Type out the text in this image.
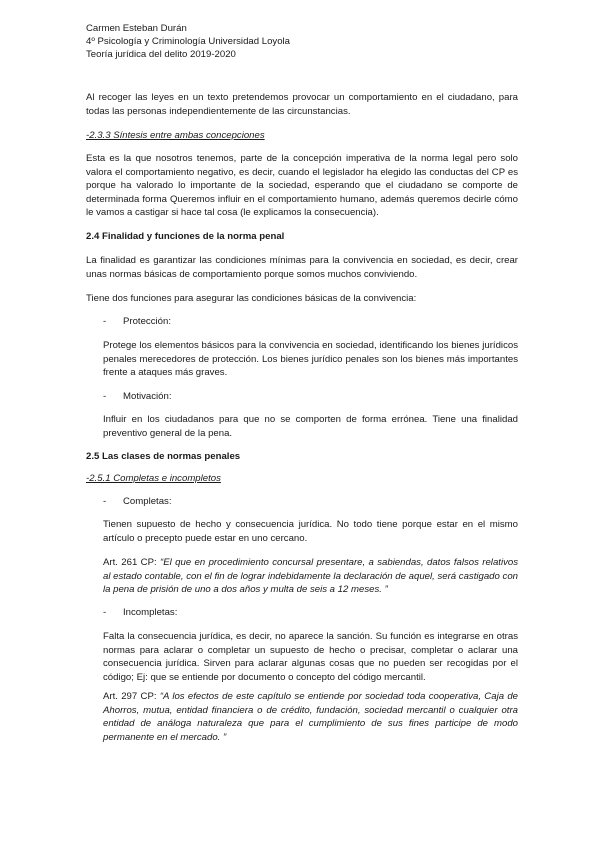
Carmen Esteban Durán
4º Psicología y Criminología Universidad Loyola
Teoría jurídica del delito 2019-2020

Al recoger las leyes en un texto pretendemos provocar un comportamiento en el ciudadano, para todas las personas independientemente de las circunstancias.

-2.3.3 Síntesis entre ambas concepciones

Esta es la que nosotros tenemos, parte de la concepción imperativa de la norma legal pero solo valora el comportamiento negativo, es decir, cuando el legislador ha elegido las conductas del CP es porque ha valorado lo importante de la sociedad, esperando que el ciudadano se comporte de determinada forma Queremos influir en el comportamiento humano, además queremos decirle cómo le vamos a castigar si hace tal cosa (le explicamos la consecuencia).

2.4 Finalidad y funciones de la norma penal

La finalidad es garantizar las condiciones mínimas para la convivencia en sociedad, es decir, crear unas normas básicas de comportamiento porque somos muchos conviviendo.

Tiene dos funciones para asegurar las condiciones básicas de la convivencia:

- Protección:

Protege los elementos básicos para la convivencia en sociedad, identificando los bienes jurídicos penales merecedores de protección. Los bienes jurídico penales son los bienes más importantes frente a ataques más graves.

- Motivación:

Influir en los ciudadanos para que no se comporten de forma errónea. Tiene una finalidad preventivo general de la pena.

2.5 Las clases de normas penales
-2.5.1 Completas e incompletos
- Completas:

Tienen supuesto de hecho y consecuencia jurídica. No todo tiene porque estar en el mismo artículo o precepto puede estar en uno cercano.

Art. 261 CP: “El que en procedimiento concursal presentare, a sabiendas, datos falsos relativos al estado contable, con el fin de lograr indebidamente la declaración de aquel, será castigado con la pena de prisión de uno a dos años y multa de seis a 12 meses. ”

- Incompletas:

Falta la consecuencia jurídica, es decir, no aparece la sanción. Su función es integrarse en otras normas para aclarar o completar un supuesto de hecho o precisar, completar o aclarar una consecuencia jurídica. Sirven para aclarar algunas cosas que no pueden ser recogidas por el código; Ej: que se entiende por documento o concepto del código mercantil.

Art. 297 CP: “A los efectos de este capítulo se entiende por sociedad toda cooperativa, Caja de Ahorros, mutua, entidad financiera o de crédito, fundación, sociedad mercantil o cualquier otra entidad de análoga naturaleza que para el cumplimiento de sus fines participe de modo permanente en el mercado. ”
